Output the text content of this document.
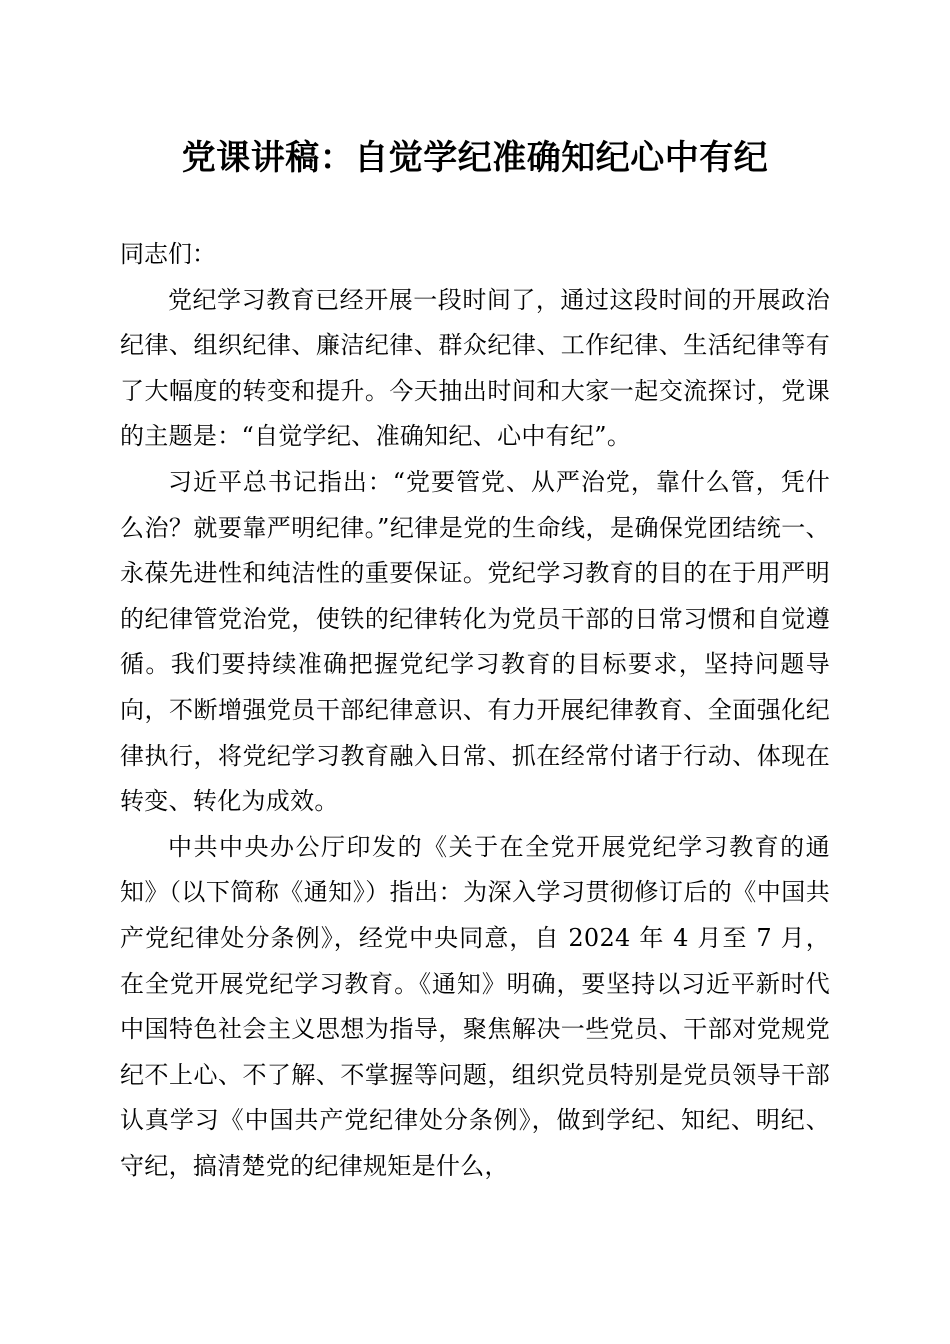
党课讲稿：自觉学纪准确知纪心中有纪

同志们：

党纪学习教育已经开展一段时间了，通过这段时间的开展政治纪律、组织纪律、廉洁纪律、群众纪律、工作纪律、生活纪律等有了大幅度的转变和提升。今天抽出时间和大家一起交流探讨，党课的主题是：“自觉学纪、准确知纪、心中有纪”。

习近平总书记指出：“党要管党、从严治党，靠什么管，凭什么治？就要靠严明纪律。”纪律是党的生命线，是确保党团结统一、永葆先进性和纯洁性的重要保证。党纪学习教育的目的在于用严明的纪律管党治党，使铁的纪律转化为党员干部的日常习惯和自觉遵循。我们要持续准确把握党纪学习教育的目标要求，坚持问题导向，不断增强党员干部纪律意识、有力开展纪律教育、全面强化纪律执行，将党纪学习教育融入日常、抓在经常付诸于行动、体现在转变、转化为成效。

中共中央办公厅印发的《关于在全党开展党纪学习教育的通知》（以下简称《通知》）指出：为深入学习贯彻修订后的《中国共产党纪律处分条例》，经党中央同意，自 2024 年 4 月至 7 月，在全党开展党纪学习教育。《通知》明确，要坚持以习近平新时代中国特色社会主义思想为指导，聚焦解决一些党员、干部对党规党纪不上心、不了解、不掌握等问题，组织党员特别是党员领导干部认真学习《中国共产党纪律处分条例》，做到学纪、知纪、明纪、守纪，搞清楚党的纪律规矩是什么，
